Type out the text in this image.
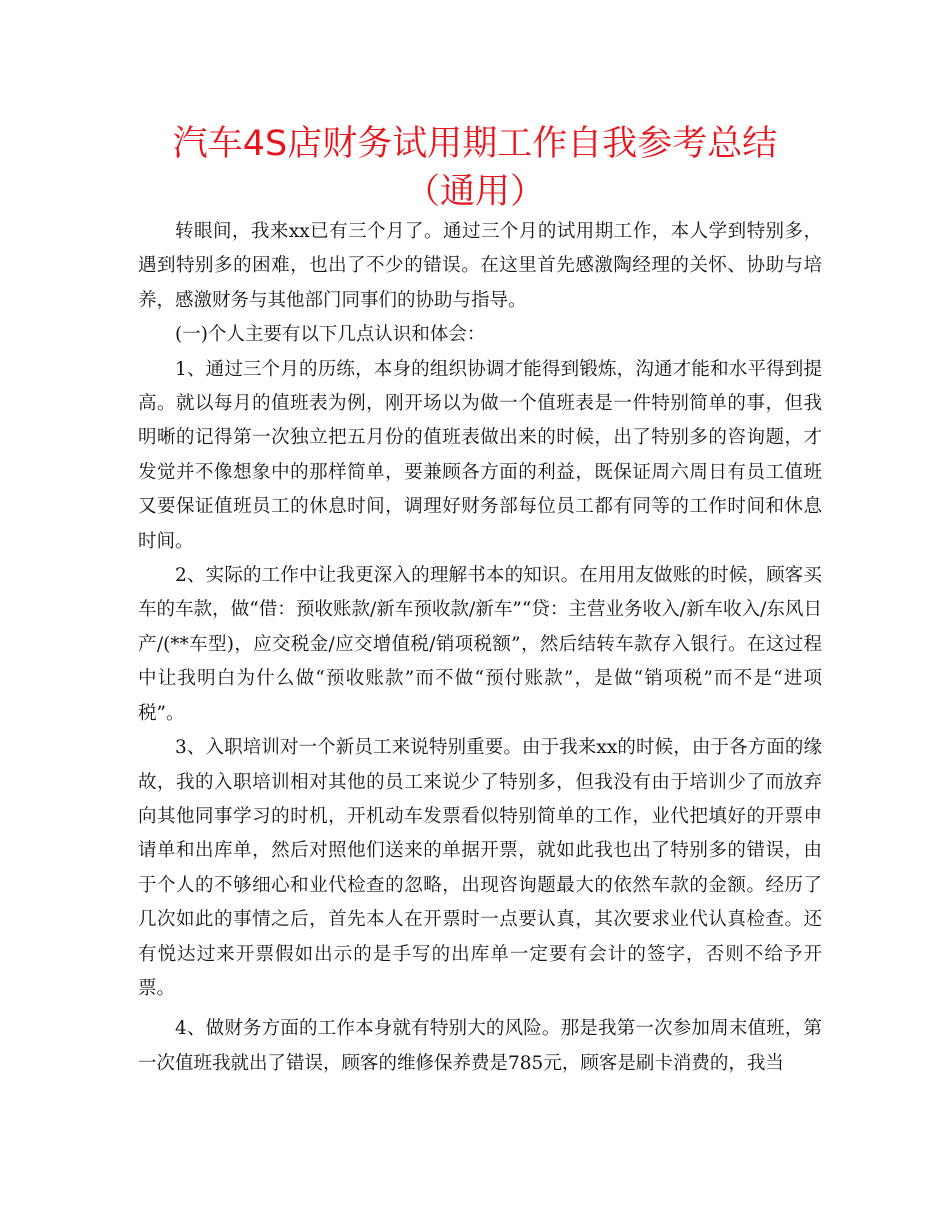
汽车4S店财务试用期工作自我参考总结（通用）

转眼间，我来xx已有三个月了。通过三个月的试用期工作，本人学到特别多，遇到特别多的困难，也出了不少的错误。在这里首先感激陶经理的关怀、协助与培养，感激财务与其他部门同事们的协助与指导。

(一)个人主要有以下几点认识和体会：

1、通过三个月的历练，本身的组织协调才能得到锻炼，沟通才能和水平得到提高。就以每月的值班表为例，刚开场以为做一个值班表是一件特别简单的事，但我明晰的记得第一次独立把五月份的值班表做出来的时候，出了特别多的咨询题，才发觉并不像想象中的那样简单，要兼顾各方面的利益，既保证周六周日有员工值班又要保证值班员工的休息时间，调理好财务部每位员工都有同等的工作时间和休息时间。

2、实际的工作中让我更深入的理解书本的知识。在用用友做账的时候，顾客买车的车款，做“借：预收账款/新车预收款/新车”“贷：主营业务收入/新车收入/东风日产/(**车型)，应交税金/应交增值税/销项税额”，然后结转车款存入银行。在这过程中让我明白为什么做“预收账款”而不做“预付账款”，是做“销项税”而不是“进项税”。

3、入职培训对一个新员工来说特别重要。由于我来xx的时候，由于各方面的缘故，我的入职培训相对其他的员工来说少了特别多，但我没有由于培训少了而放弃向其他同事学习的时机，开机动车发票看似特别简单的工作，业代把填好的开票申请单和出库单，然后对照他们送来的单据开票，就如此我也出了特别多的错误，由于个人的不够细心和业代检查的忽略，出现咨询题最大的依然车款的金额。经历了几次如此的事情之后，首先本人在开票时一点要认真，其次要求业代认真检查。还有悦达过来开票假如出示的是手写的出库单一定要有会计的签字，否则不给予开票。

4、做财务方面的工作本身就有特别大的风险。那是我第一次参加周末值班，第一次值班我就出了错误，顾客的维修保养费是785元，顾客是刷卡消费的，我当
